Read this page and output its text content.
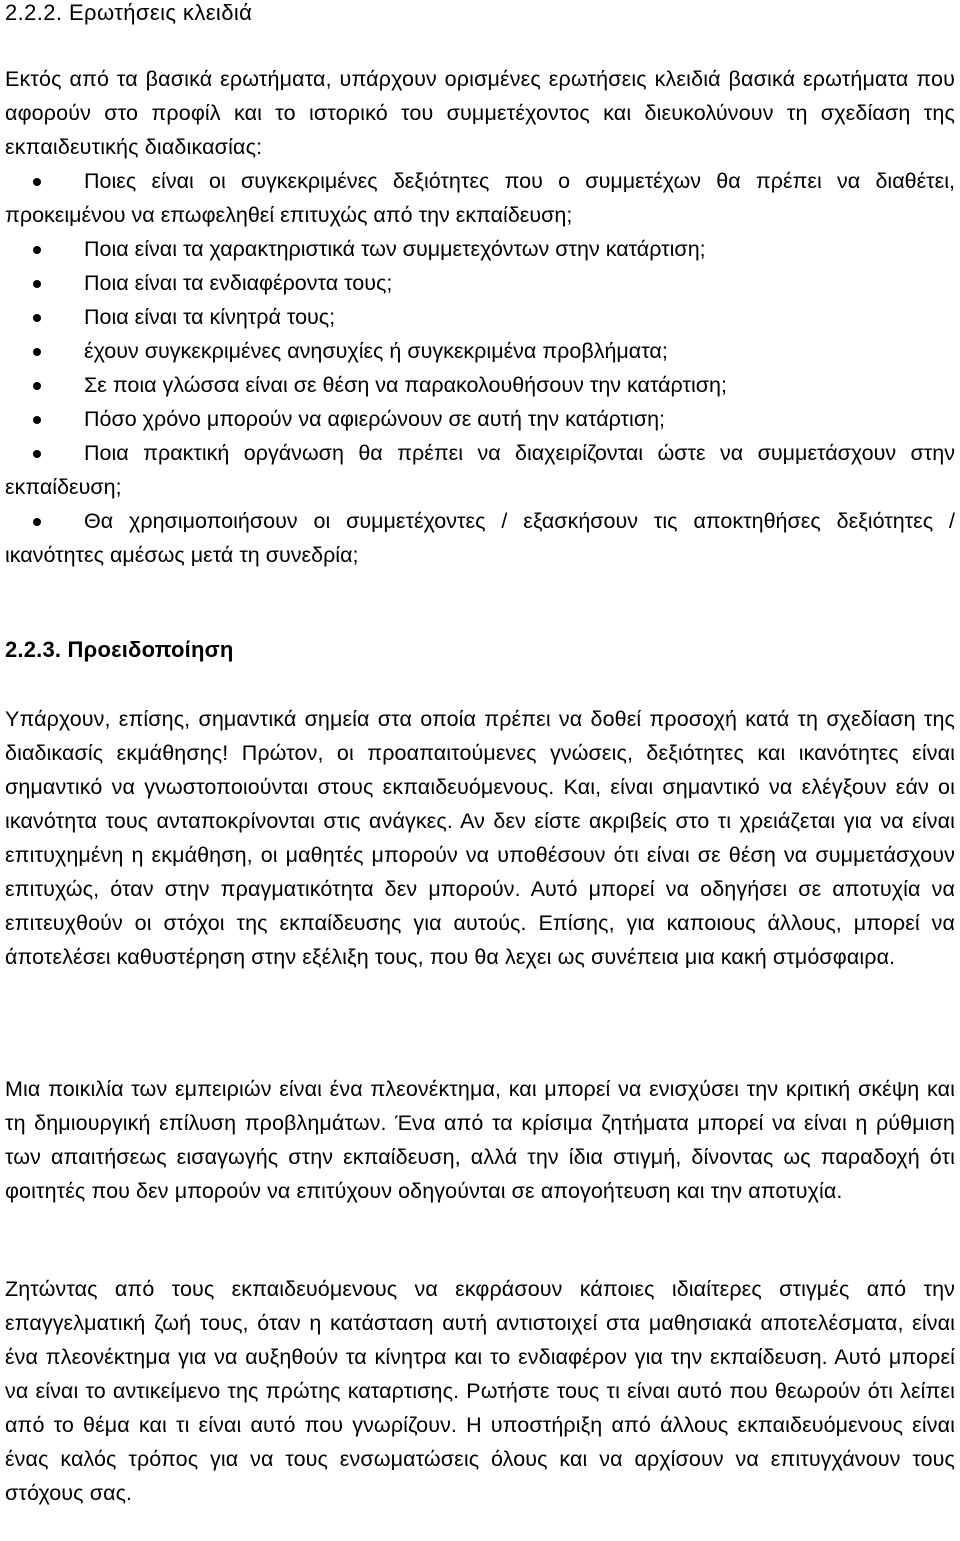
2.2.2. Ερωτήσεις κλειδιά

Εκτός από τα βασικά ερωτήματα, υπάρχουν ορισμένες ερωτήσεις κλειδιά βασικά ερωτήματα που αφορούν στο προφίλ και το ιστορικό του συμμετέχοντος και διευκολύνουν τη σχεδίαση της εκπαιδευτικής διαδικασίας:

Ποιες είναι οι συγκεκριμένες δεξιότητες που ο συμμετέχων θα πρέπει να διαθέτει, προκειμένου να επωφεληθεί επιτυχώς από την εκπαίδευση;
Ποια είναι τα χαρακτηριστικά των συμμετεχόντων στην κατάρτιση;
Ποια είναι τα ενδιαφέροντα τους;
Ποια είναι τα κίνητρά τους;
έχουν συγκεκριμένες ανησυχίες ή συγκεκριμένα προβλήματα;
Σε ποια γλώσσα είναι σε θέση να παρακολουθήσουν την κατάρτιση;
Πόσο χρόνο μπορούν να αφιερώνουν σε αυτή την κατάρτιση;
Ποια πρακτική οργάνωση θα πρέπει να διαχειρίζονται ώστε να συμμετάσχουν στην εκπαίδευση;
Θα χρησιμοποιήσουν οι συμμετέχοντες / εξασκήσουν τις αποκτηθήσες δεξιότητες / ικανότητες αμέσως μετά τη συνεδρία;
2.2.3. Προειδοποίηση

Υπάρχουν, επίσης, σημαντικά σημεία στα οποία πρέπει να δοθεί προσοχή κατά τη σχεδίαση της διαδικασίς εκμάθησης! Πρώτον, οι προαπαιτούμενες γνώσεις, δεξιότητες και ικανότητες είναι σημαντικό να γνωστοποιούνται στους εκπαιδευόμενους. Και, είναι σημαντικό να ελέγξουν εάν οι ικανότητα τους ανταποκρίνονται στις ανάγκες. Αν δεν είστε ακριβείς στο τι χρειάζεται για να είναι επιτυχημένη η εκμάθηση, οι μαθητές μπορούν να υποθέσουν ότι είναι σε θέση να συμμετάσχουν επιτυχώς, όταν στην πραγματικότητα δεν μπορούν. Αυτό μπορεί να οδηγήσει σε αποτυχία να επιτευχθούν οι στόχοι της εκπαίδευσης για αυτούς. Επίσης, για καποιους άλλους, μπορεί να άποτελέσει καθυστέρηση στην εξέλιξη τους, που θα λεχει ως συνέπεια μια κακή στμόσφαιρα.

Μια ποικιλία των εμπειριών είναι ένα πλεονέκτημα, και μπορεί να ενισχύσει την κριτική σκέψη και τη δημιουργική επίλυση προβλημάτων. Ένα από τα κρίσιμα ζητήματα μπορεί να είναι η ρύθμιση των απαιτήσεως εισαγωγής στην εκπαίδευση, αλλά την ίδια στιγμή, δίνοντας ως παραδοχή ότι φοιτητές που δεν μπορούν να επιτύχουν οδηγούνται σε απογοήτευση και την αποτυχία.

Ζητώντας από τους εκπαιδευόμενους να εκφράσουν κάποιες ιδιαίτερες στιγμές από την επαγγελματική ζωή τους, όταν η κατάσταση αυτή αντιστοιχεί στα μαθησιακά αποτελέσματα, είναι ένα πλεονέκτημα για να αυξηθούν τα κίνητρα και το ενδιαφέρον για την εκπαίδευση. Αυτό μπορεί να είναι το αντικείμενο της πρώτης καταρτισης. Ρωτήστε τους τι είναι αυτό που θεωρούν ότι λείπει από το θέμα και τι είναι αυτό που γνωρίζουν. Η υποστήριξη από άλλους εκπαιδευόμενους είναι ένας καλός τρόπος για να τους ενσωματώσεις όλους και να αρχίσουν να επιτυγχάνουν τους στόχους σας.
